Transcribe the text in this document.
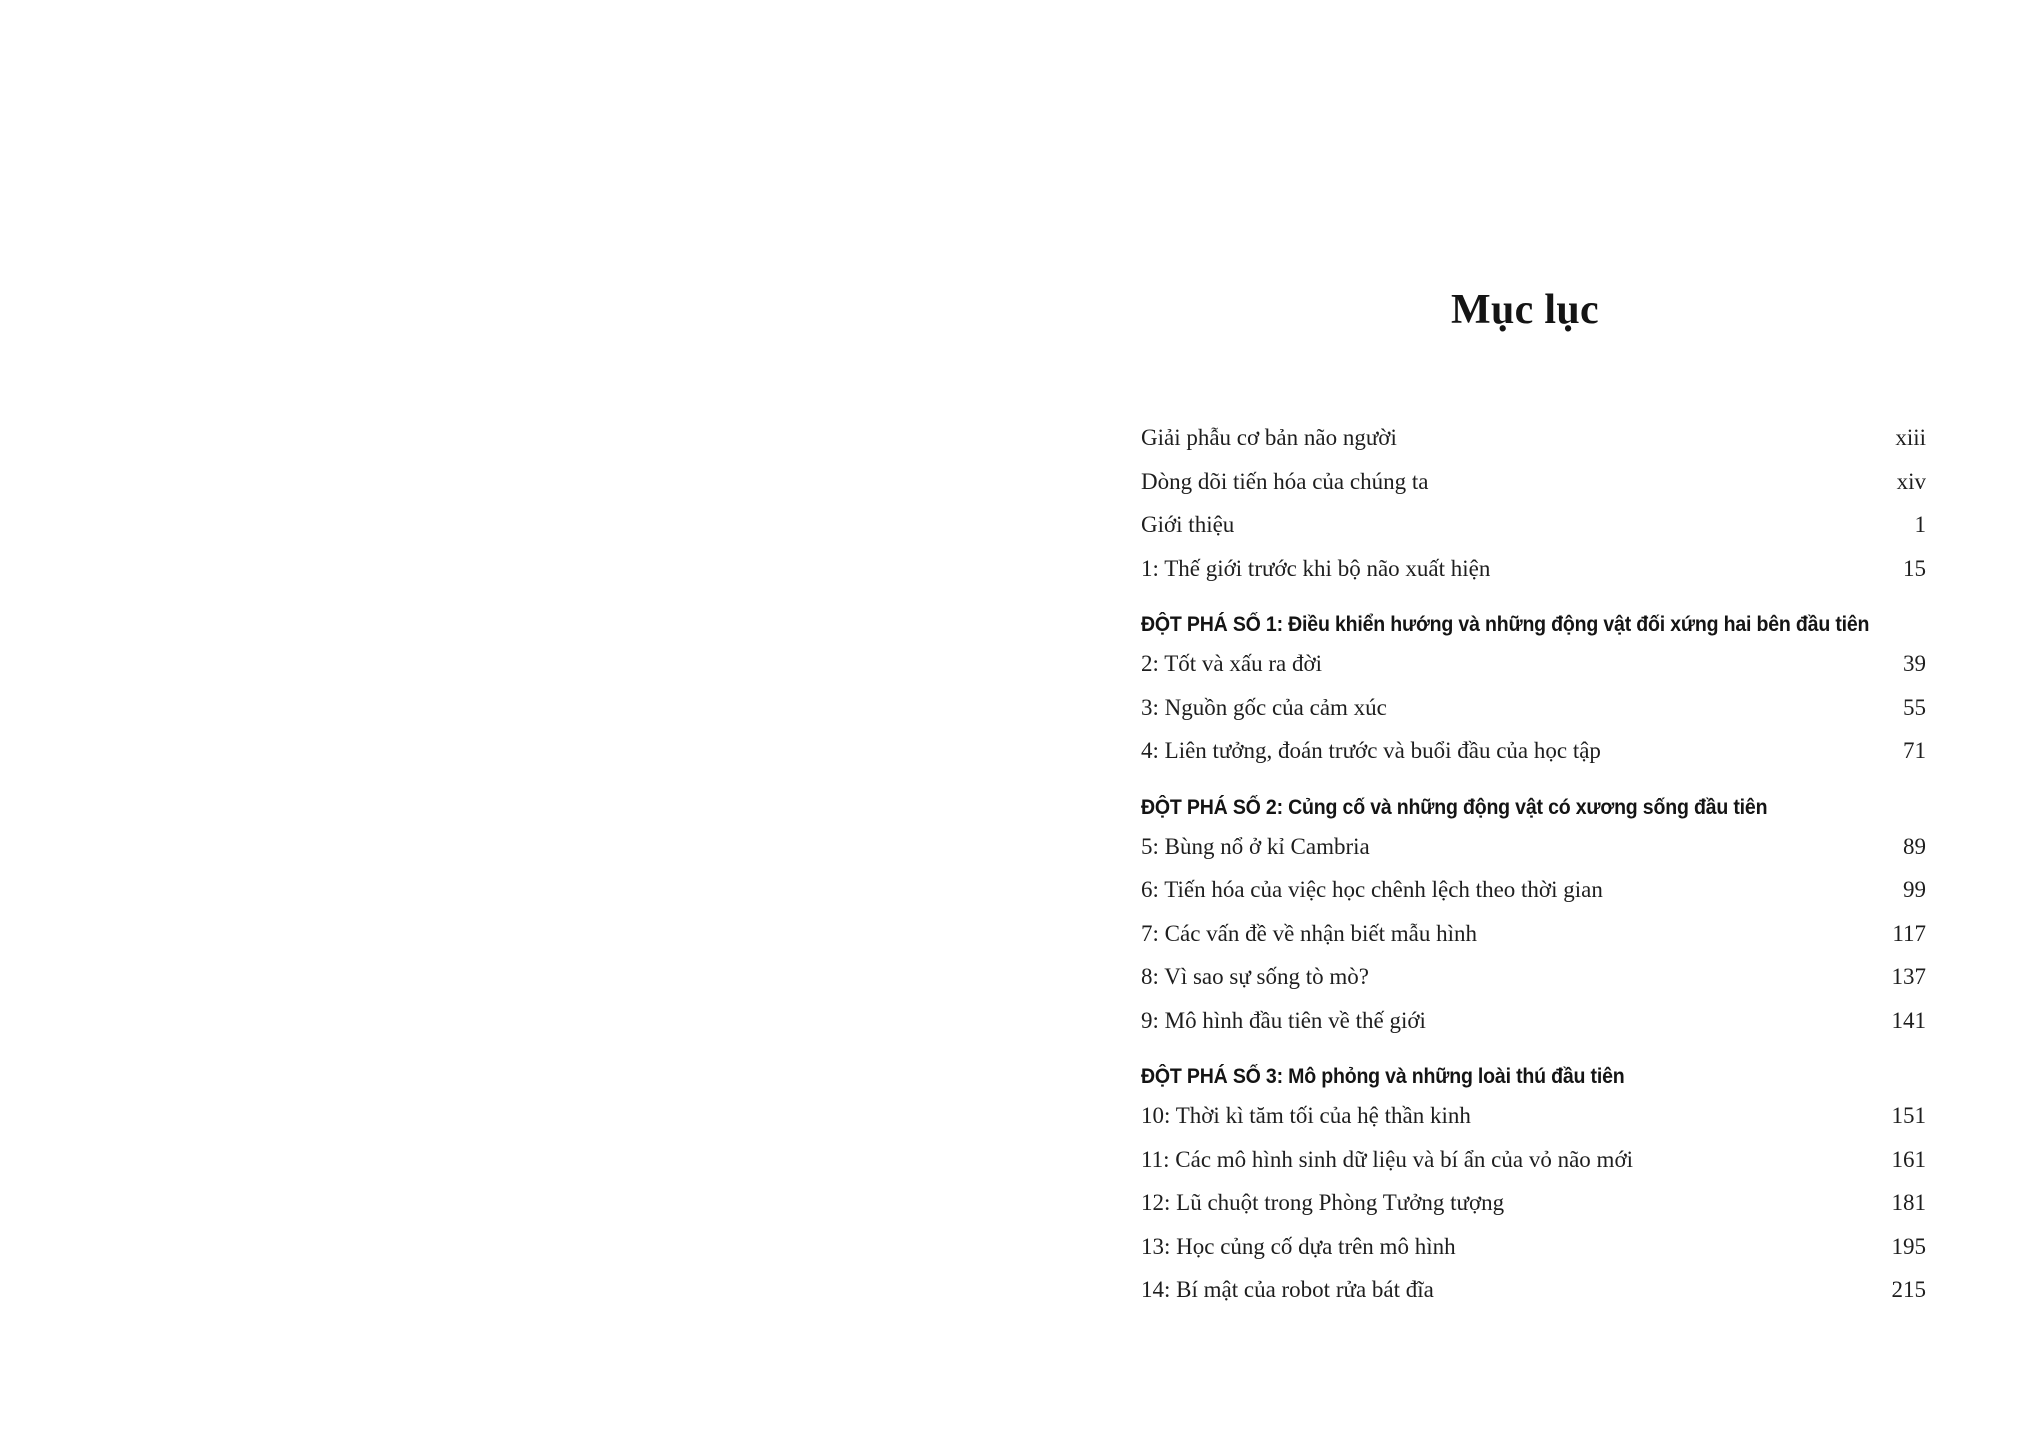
Mục lục
Giải phẫu cơ bản não người	xiii
Dòng dõi tiến hóa của chúng ta	xiv
Giới thiệu	1
1: Thế giới trước khi bộ não xuất hiện	15
ĐỘT PHÁ SỐ 1: Điều khiển hướng và những động vật đối xứng hai bên đầu tiên
2: Tốt và xấu ra đời	39
3: Nguồn gốc của cảm xúc	55
4: Liên tưởng, đoán trước và buổi đầu của học tập	71
ĐỘT PHÁ SỐ 2: Củng cố và những động vật có xương sống đầu tiên
5: Bùng nổ ở kỉ Cambria	89
6: Tiến hóa của việc học chênh lệch theo thời gian	99
7: Các vấn đề về nhận biết mẫu hình	117
8: Vì sao sự sống tò mò?	137
9: Mô hình đầu tiên về thế giới	141
ĐỘT PHÁ SỐ 3: Mô phỏng và những loài thú đầu tiên
10: Thời kì tăm tối của hệ thần kinh	151
11: Các mô hình sinh dữ liệu và bí ẩn của vỏ não mới	161
12: Lũ chuột trong Phòng Tưởng tượng	181
13: Học củng cố dựa trên mô hình	195
14: Bí mật của robot rửa bát đĩa	215
